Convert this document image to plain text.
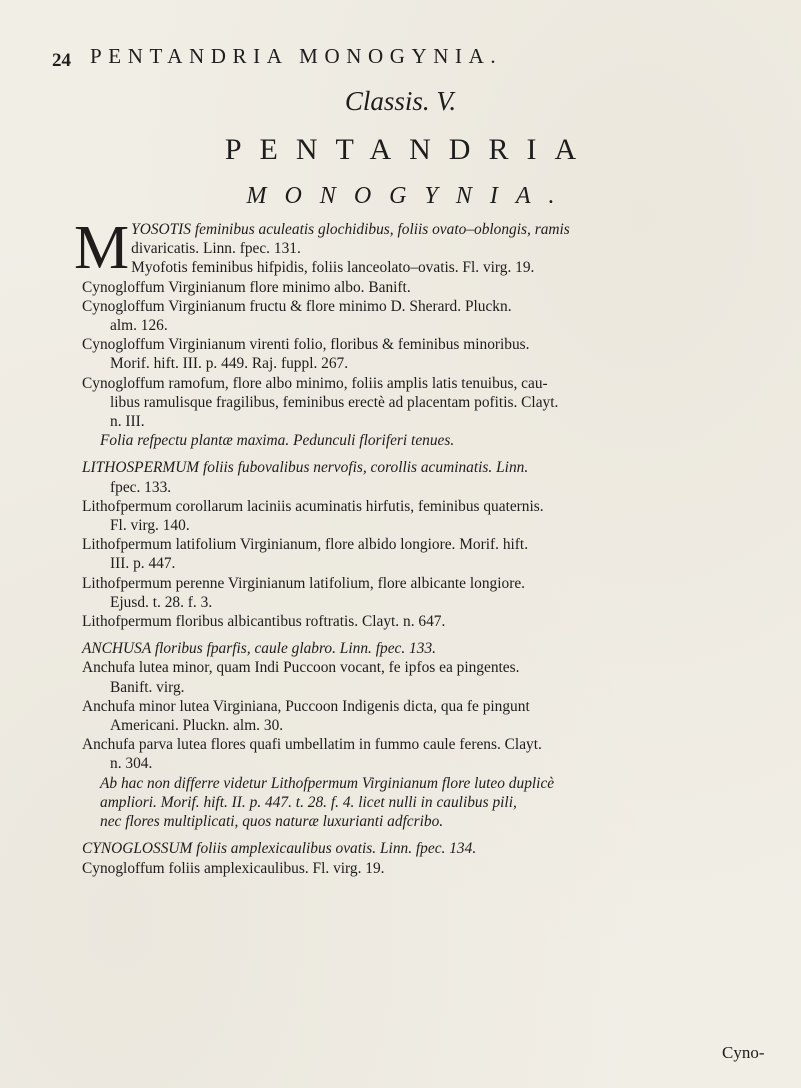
24 PENTANDRIA MONOGYNIA.
Classis. V.
PENTANDRIA
MONOGYNIA.
MYOSOTIS feminibus aculeatis glochidibus, foliis ovato–oblongis, ramis
divaricatis. Linn. fpec. 131.
Myofotis feminibus hifpidis, foliis lanceolato–ovatis. Fl. virg. 19.
Cynogloffum Virginianum flore minimo albo. Banift.
Cynogloffum Virginianum fructu & flore minimo D. Sherard. Pluckn.
alm. 126.
Cynogloffum Virginianum virenti folio, floribus & feminibus minoribus.
Morif. hift. III. p. 449. Raj. fuppl. 267.
Cynogloffum ramofum, flore albo minimo, foliis amplis latis tenuibus, cau-
libus ramulisque fragilibus, feminibus erectè ad placentam pofitis. Clayt.
n. III.
Folia refpectu plantæ maxima. Pedunculi floriferi tenues.
LITHOSPERMUM foliis fubovalibus nervofis, corollis acuminatis. Linn.
fpec. 133.
Lithofpermum corollarum laciniis acuminatis hirfutis, feminibus quaternis.
Fl. virg. 140.
Lithofpermum latifolium Virginianum, flore albido longiore. Morif. hift.
III. p. 447.
Lithofpermum perenne Virginianum latifolium, flore albicante longiore.
Ejusd. t. 28. f. 3.
Lithofpermum floribus albicantibus roftratis. Clayt. n. 647.
ANCHUSA floribus fparfis, caule glabro. Linn. fpec. 133.
Anchufa lutea minor, quam Indi Puccoon vocant, fe ipfos ea pingentes.
Banift. virg.
Anchufa minor lutea Virginiana, Puccoon Indigenis dicta, qua fe pingunt
Americani. Pluckn. alm. 30.
Anchufa parva lutea flores quafi umbellatim in fummo caule ferens. Clayt.
n. 304.
Ab hac non differre videtur Lithofpermum Virginianum flore luteo duplicè
ampliori. Morif. hift. II. p. 447. t. 28. f. 4. licet nulli in caulibus pili,
nec flores multiplicati, quos naturæ luxurianti adfcribo.
CYNOGLOSSUM foliis amplexicaulibus ovatis. Linn. fpec. 134.
Cynogloffum foliis amplexicaulibus. Fl. virg. 19.
Cyno-
